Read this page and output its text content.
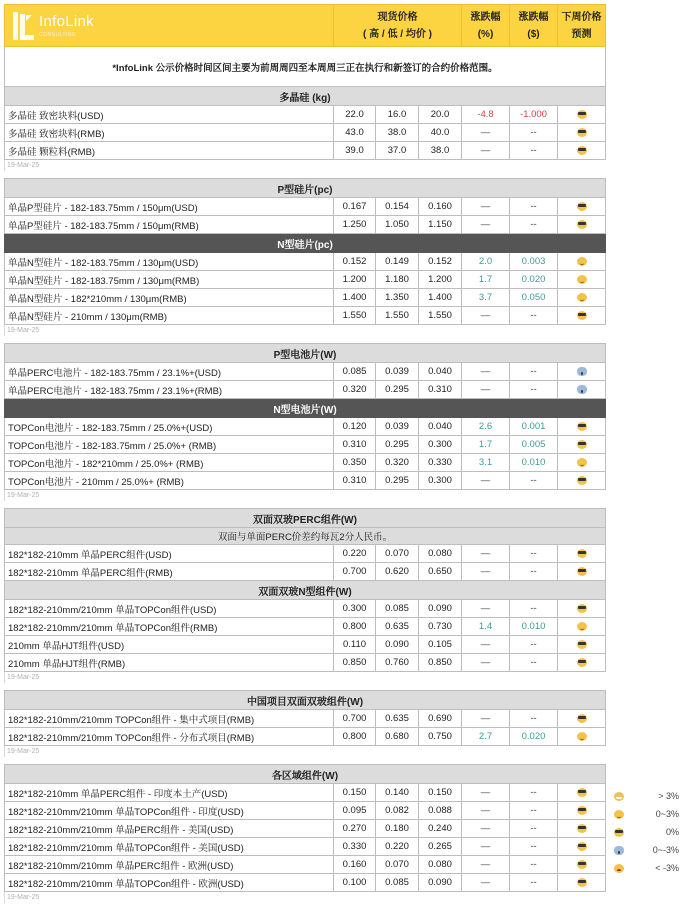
InfoLink
CONSULTING

现货价格
( 高 / 低 / 均价 )

涨跌幅
(%)

涨跌幅
($)

下周价格
预测

*InfoLink 公示价格时间区间主要为前周周四至本周周三正在执行和新签订的合约价格范围。						
多晶硅 (kg)						
多晶硅 致密块料(USD)	22.0	16.0	20.0	-4.8	-1.000	
多晶硅 致密块料(RMB)	43.0	38.0	40.0	—	--	
多晶硅 颗粒料(RMB)	39.0	37.0	38.0	—	--	
19-Mar-25						

P型硅片(pc)						
单晶P型硅片 - 182-183.75mm / 150μm(USD)	0.167	0.154	0.160	—	--	
单晶P型硅片 - 182-183.75mm / 150μm(RMB)	1.250	1.050	1.150	—	--	
N型硅片(pc)						
单晶N型硅片 - 182-183.75mm / 130μm(USD)	0.152	0.149	0.152	2.0	0.003	
单晶N型硅片 - 182-183.75mm / 130μm(RMB)	1.200	1.180	1.200	1.7	0.020	
单晶N型硅片 - 182*210mm / 130μm(RMB)	1.400	1.350	1.400	3.7	0.050	
单晶N型硅片 - 210mm / 130μm(RMB)	1.550	1.550	1.550	—	--	
19-Mar-25						

P型电池片(W)						
单晶PERC电池片 - 182-183.75mm / 23.1%+(USD)	0.085	0.039	0.040	—	--	
单晶PERC电池片 - 182-183.75mm / 23.1%+(RMB)	0.320	0.295	0.310	—	--	
N型电池片(W)						
TOPCon电池片 - 182-183.75mm / 25.0%+(USD)	0.120	0.039	0.040	2.6	0.001	
TOPCon电池片 - 182-183.75mm / 25.0%+ (RMB)	0.310	0.295	0.300	1.7	0.005	
TOPCon电池片 - 182*210mm / 25.0%+ (RMB)	0.350	0.320	0.330	3.1	0.010	
TOPCon电池片 - 210mm / 25.0%+ (RMB)	0.310	0.295	0.300	—	--	
19-Mar-25						

双面双玻PERC组件(W)						
双面与单面PERC价差约每瓦2分人民币。						
182*182-210mm 单晶PERC组件(USD)	0.220	0.070	0.080	—	--	
182*182-210mm 单晶PERC组件(RMB)	0.700	0.620	0.650	—	--	
双面双玻N型组件(W)						
182*182-210mm/210mm 单晶TOPCon组件(USD)	0.300	0.085	0.090	—	--	
182*182-210mm/210mm 单晶TOPCon组件(RMB)	0.800	0.635	0.730	1.4	0.010	
210mm 单晶HJT组件(USD)	0.110	0.090	0.105	—	--	
210mm 单晶HJT组件(RMB)	0.850	0.760	0.850	—	--	
19-Mar-25						

中国项目双面双玻组件(W)						
182*182-210mm/210mm TOPCon组件 - 集中式项目(RMB)	0.700	0.635	0.690	—	--	
182*182-210mm/210mm TOPCon组件 - 分布式项目(RMB)	0.800	0.680	0.750	2.7	0.020	
19-Mar-25						

各区域组件(W)						
182*182-210mm 单晶PERC组件 - 印度本土产(USD)	0.150	0.140	0.150	—	--	
182*182-210mm/210mm 单晶TOPCon组件 - 印度(USD)	0.095	0.082	0.088	—	--	
182*182-210mm/210mm 单晶PERC组件 - 美国(USD)	0.270	0.180	0.240	—	--	
182*182-210mm/210mm 单晶TOPCon组件 - 美国(USD)	0.330	0.220	0.265	—	--	
182*182-210mm/210mm 单晶PERC组件 - 欧洲(USD)	0.160	0.070	0.080	—	--	
182*182-210mm/210mm 单晶TOPCon组件 - 欧洲(USD)	0.100	0.085	0.090	—	--	
19-Mar-25						

> 3%
0~3%
0%
0~-3%
< -3%
